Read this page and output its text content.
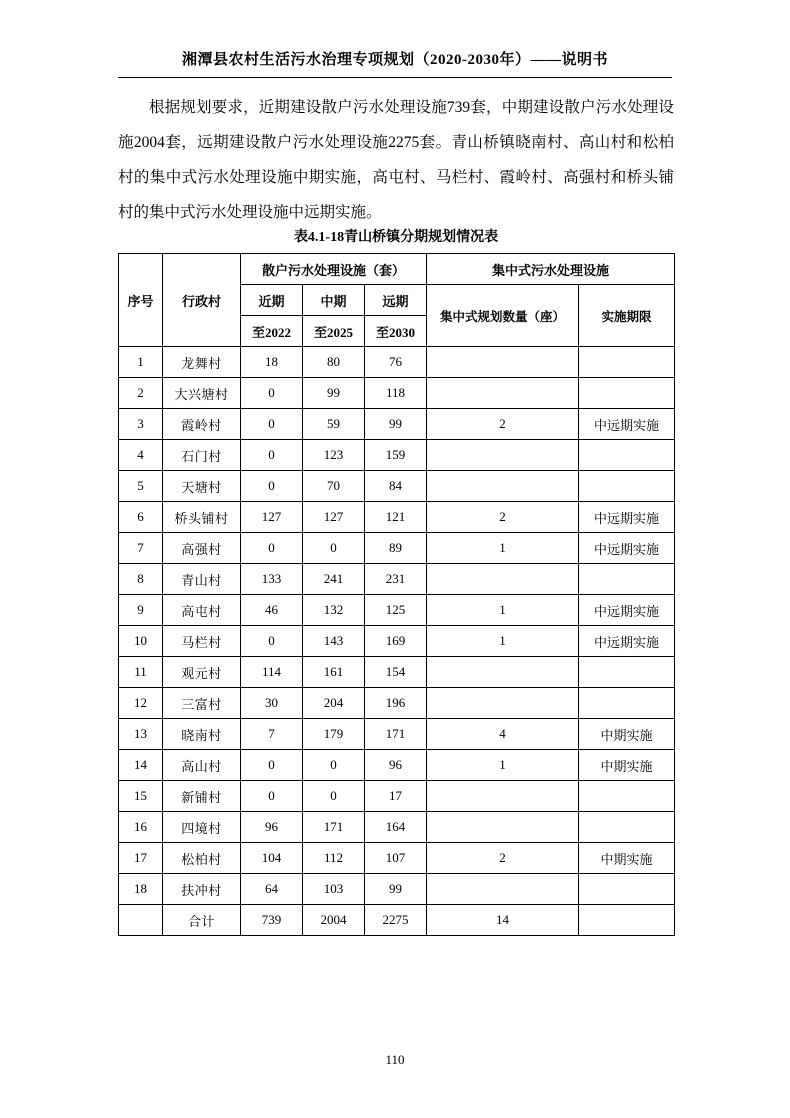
湘潭县农村生活污水治理专项规划（2020-2030年）——说明书
根据规划要求，近期建设散户污水处理设施739套，中期建设散户污水处理设施2004套，远期建设散户污水处理设施2275套。青山桥镇晓南村、高山村和松柏村的集中式污水处理设施中期实施，高屯村、马栏村、霞岭村、高强村和桥头铺村的集中式污水处理设施中远期实施。
表4.1-18青山桥镇分期规划情况表
序号	行政村	散户污水处理设施（套）			集中式污水处理设施	
		近期	中期	远期	集中式规划数量（座）	实施期限
		至2022	至2025	至2030		
1	龙舞村	18	80	76		
2	大兴塘村	0	99	118		
3	霞岭村	0	59	99	2	中远期实施
4	石门村	0	123	159		
5	天塘村	0	70	84		
6	桥头铺村	127	127	121	2	中远期实施
7	高强村	0	0	89	1	中远期实施
8	青山村	133	241	231		
9	高屯村	46	132	125	1	中远期实施
10	马栏村	0	143	169	1	中远期实施
11	观元村	114	161	154		
12	三富村	30	204	196		
13	晓南村	7	179	171	4	中期实施
14	高山村	0	0	96	1	中期实施
15	新铺村	0	0	17		
16	四境村	96	171	164		
17	松柏村	104	112	107	2	中期实施
18	扶冲村	64	103	99		
	合计	739	2004	2275	14	
110
